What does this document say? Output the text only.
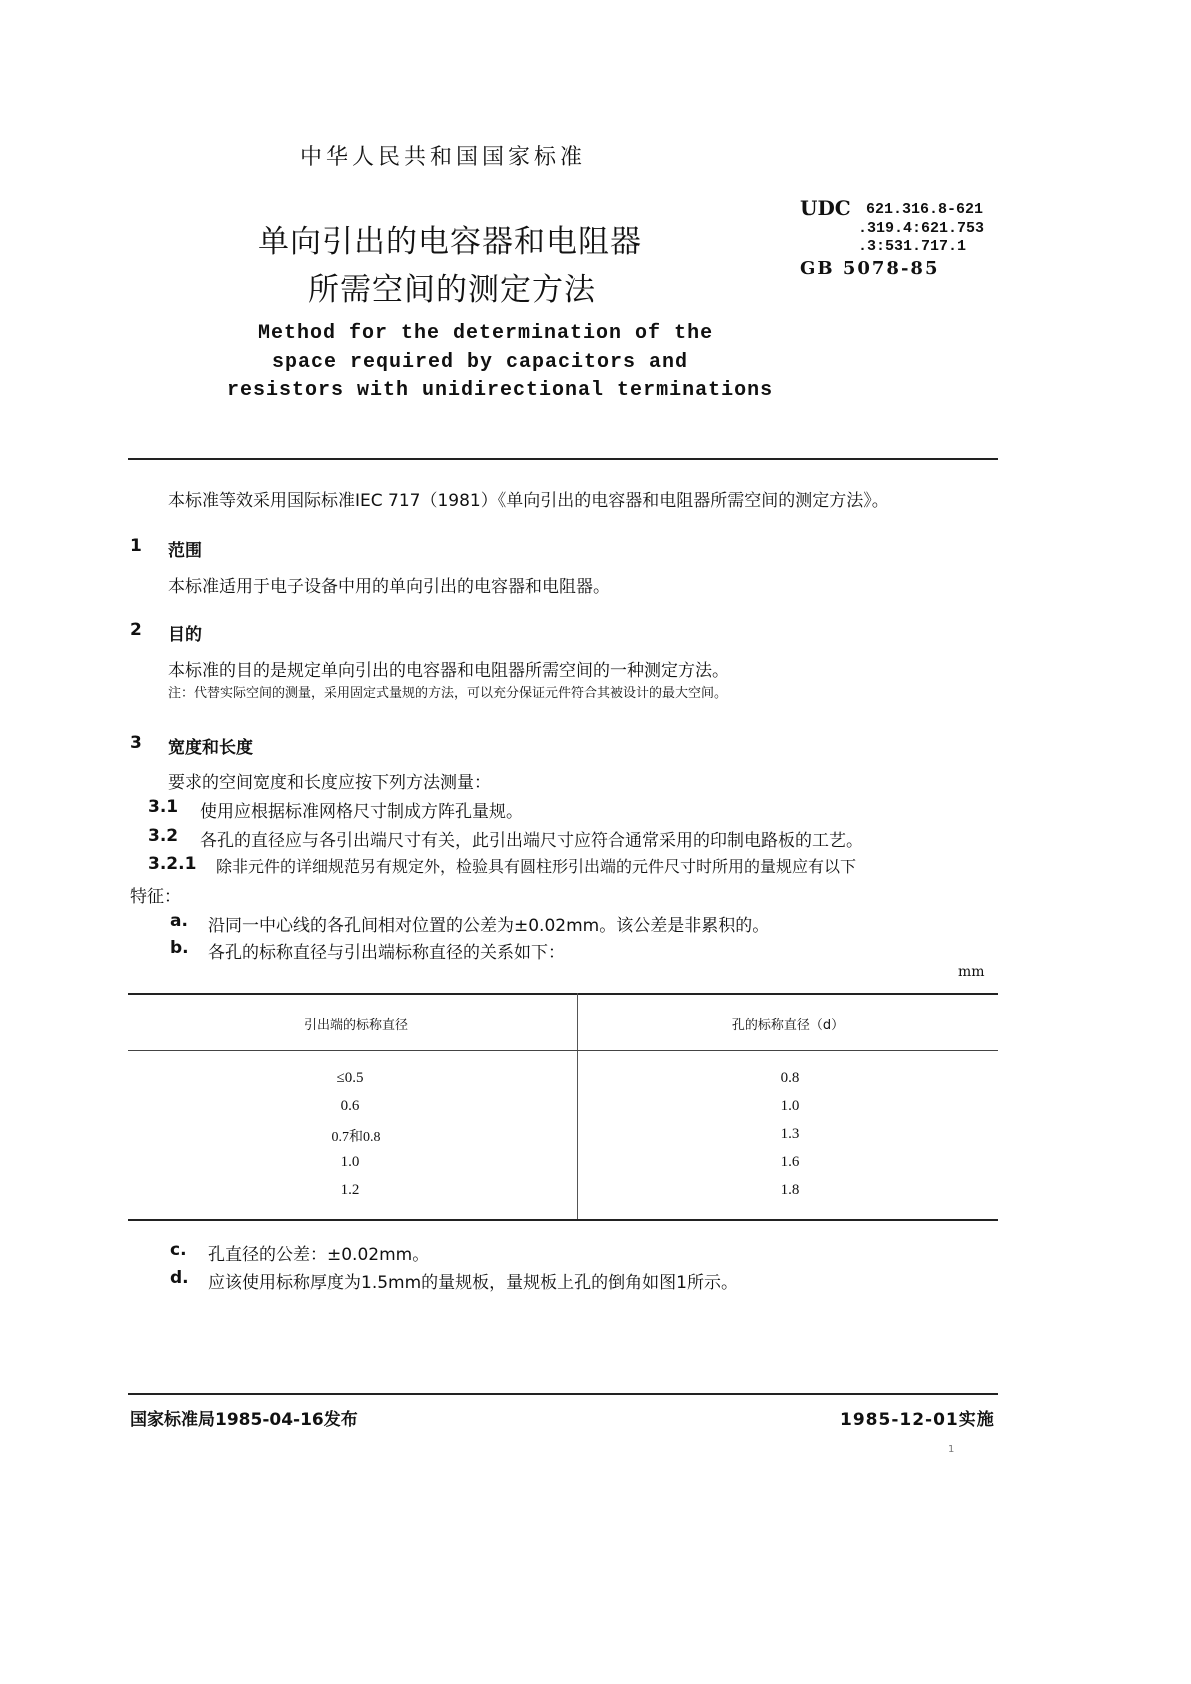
中华人民共和国国家标准
单向引出的电容器和电阻器
所需空间的测定方法
Method for the determination of the
space required by capacitors and
resistors with unidirectional terminations
UDC 621.316.8-621
.319.4:621.753
.3:531.717.1
GB 5078-85
本标准等效采用国际标准IEC 717（1981）《单向引出的电容器和电阻器所需空间的测定方法》。
1 范围
本标准适用于电子设备中用的单向引出的电容器和电阻器。
2 目的
本标准的目的是规定单向引出的电容器和电阻器所需空间的一种测定方法。
注：代替实际空间的测量，采用固定式量规的方法，可以充分保证元件符合其被设计的最大空间。
3 宽度和长度
要求的空间宽度和长度应按下列方法测量：
3.1 使用应根据标准网格尺寸制成方阵孔量规。
3.2 各孔的直径应与各引出端尺寸有关，此引出端尺寸应符合通常采用的印制电路板的工艺。
3.2.1 除非元件的详细规范另有规定外，检验具有圆柱形引出端的元件尺寸时所用的量规应有以下
特征：
a. 沿同一中心线的各孔间相对位置的公差为±0.02mm。该公差是非累积的。
b. 各孔的标称直径与引出端标称直径的关系如下：
mm
引出端的标称直径	孔的标称直径（d）
≤0.5	0.8
0.6	1.0
0.7和0.8	1.3
1.0	1.6
1.2	1.8
c. 孔直径的公差：±0.02mm。
d. 应该使用标称厚度为1.5mm的量规板，量规板上孔的倒角如图1所示。
国家标准局1985-04-16发布	1985-12-01实施
1
